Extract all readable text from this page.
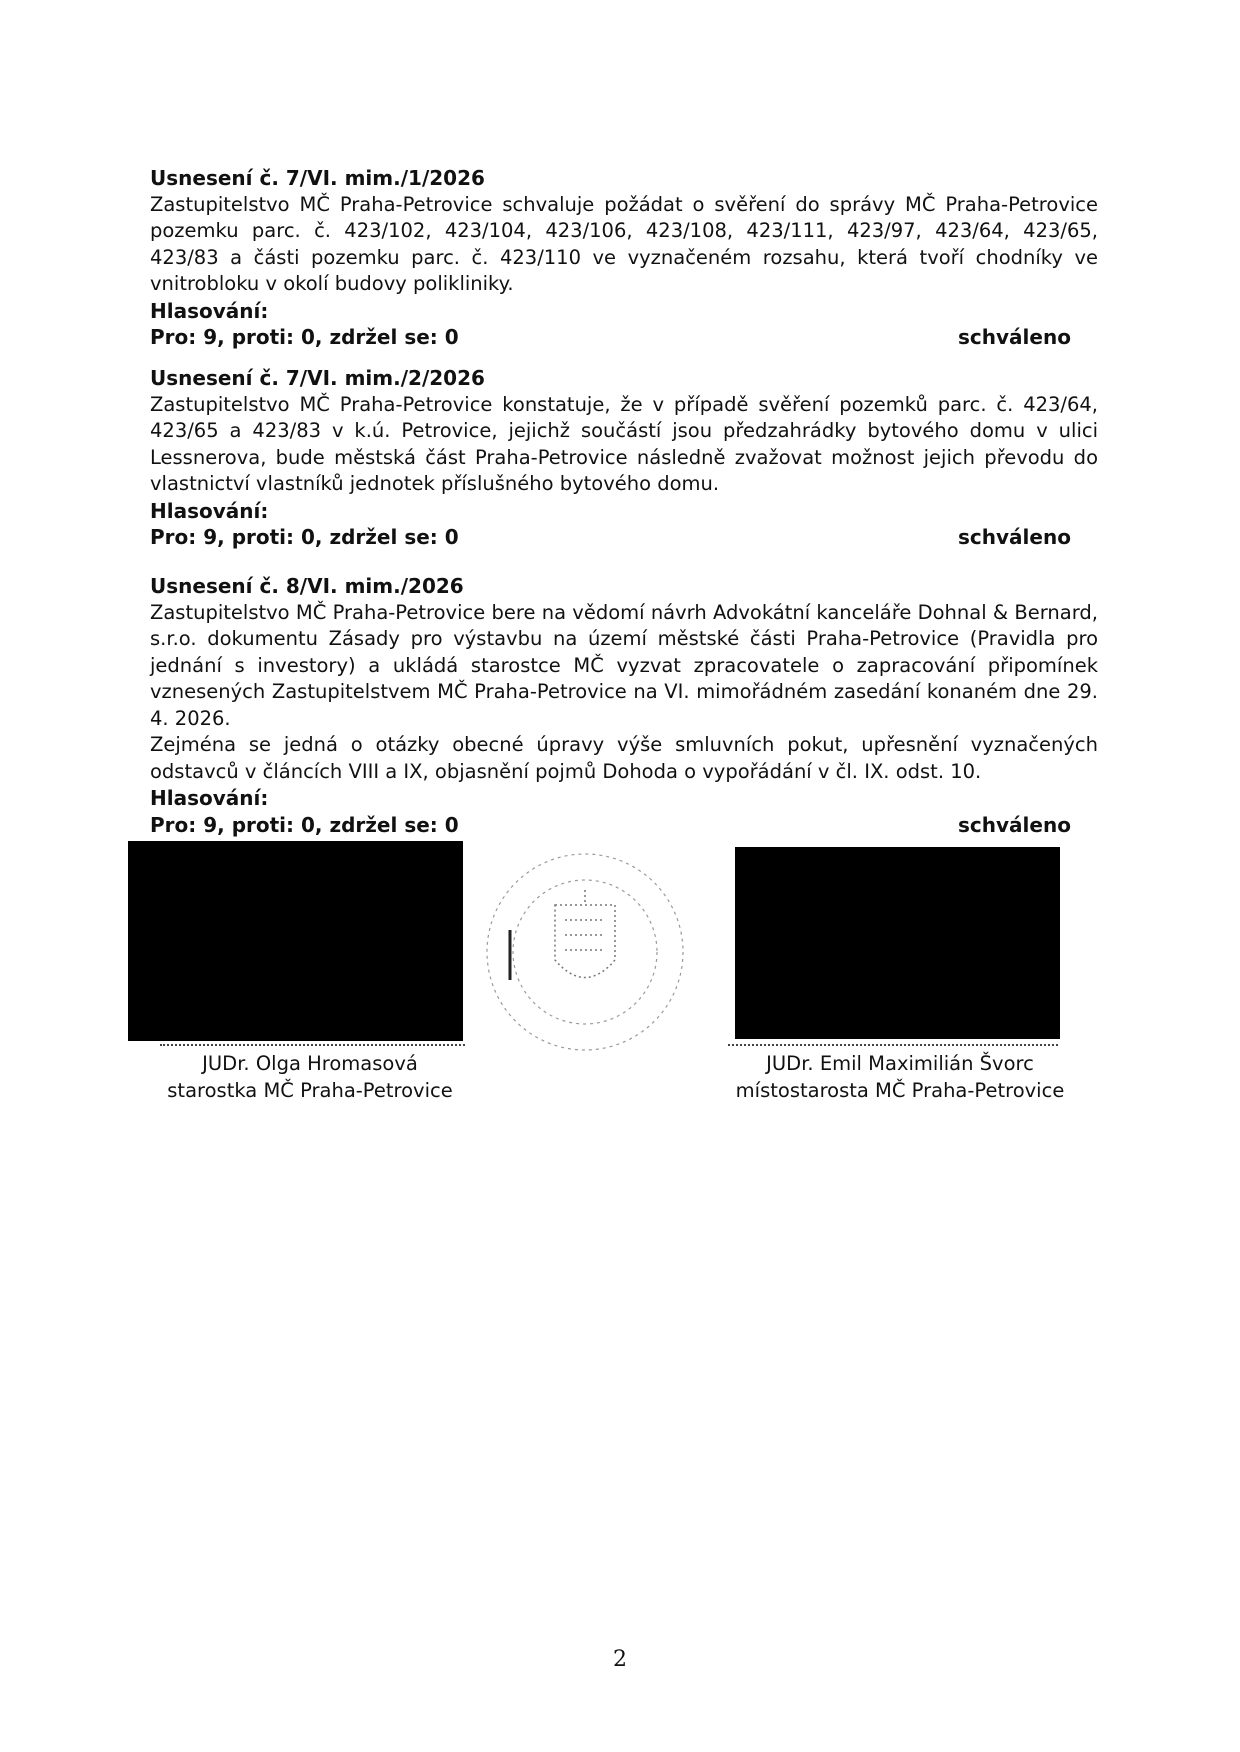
Usnesení č. 7/VI. mim./1/2026

Zastupitelstvo MČ Praha-Petrovice schvaluje požádat o svěření do správy MČ Praha-Petrovice pozemku parc. č. 423/102, 423/104, 423/106, 423/108, 423/111, 423/97, 423/64, 423/65, 423/83 a části pozemku parc. č. 423/110 ve vyznačeném rozsahu, která tvoří chodníky ve vnitrobloku v okolí budovy polikliniky.

Hlasování:
Pro: 9, proti: 0, zdržel se: 0	schváleno
Usnesení č. 7/VI. mim./2/2026

Zastupitelstvo MČ Praha-Petrovice konstatuje, že v případě svěření pozemků parc. č. 423/64, 423/65 a 423/83 v k.ú. Petrovice, jejichž součástí jsou předzahrádky bytového domu v ulici Lessnerova, bude městská část Praha-Petrovice následně zvažovat možnost jejich převodu do vlastnictví vlastníků jednotek příslušného bytového domu.

Hlasování:
Pro: 9, proti: 0, zdržel se: 0	schváleno
Usnesení č. 8/VI. mim./2026

Zastupitelstvo MČ Praha-Petrovice bere na vědomí návrh Advokátní kanceláře Dohnal & Bernard, s.r.o. dokumentu Zásady pro výstavbu na území městské části Praha-Petrovice (Pravidla pro jednání s investory) a ukládá starostce MČ vyzvat zpracovatele o zapracování připomínek vznesených Zastupitelstvem MČ Praha-Petrovice na VI. mimořádném zasedání konaném dne 29. 4. 2026.

Zejména se jedná o otázky obecné úpravy výše smluvních pokut, upřesnění vyznačených odstavců v článcích VIII a IX, objasnění pojmů Dohoda o vypořádání v čl. IX. odst. 10.

Hlasování:
Pro: 9, proti: 0, zdržel se: 0	schváleno
JUDr. Olga Hromasová
starostka MČ Praha-Petrovice
JUDr. Emil Maximilián Švorc
místostarosta MČ Praha-Petrovice
2
